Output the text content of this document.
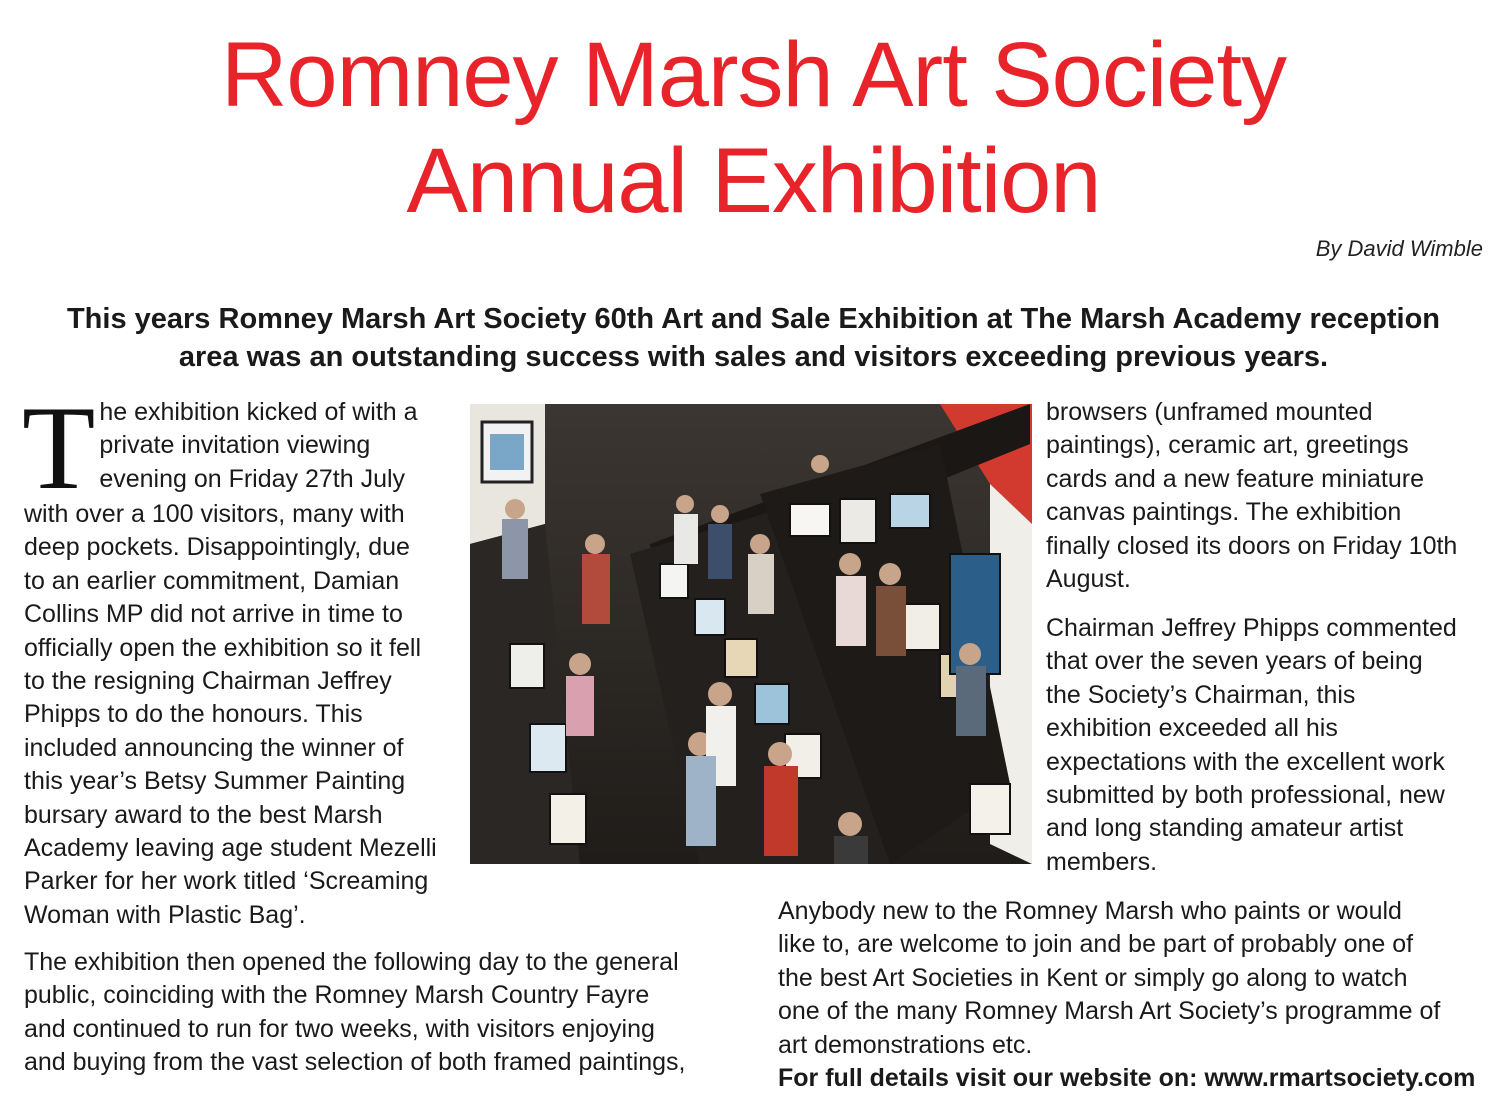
Romney Marsh Art Society
Annual Exhibition
By David Wimble

This years Romney Marsh Art Society 60th Art and Sale Exhibition at The Marsh Academy reception
area was an outstanding success with sales and visitors exceeding previous years.

T he exhibition kicked of with a
private invitation viewing
evening on Friday 27th July
with over a 100 visitors, many with
deep pockets. Disappointingly, due
to an earlier commitment, Damian
Collins MP did not arrive in time to
officially open the exhibition so it fell
to the resigning Chairman Jeffrey
Phipps to do the honours. This
included announcing the winner of
this year’s Betsy Summer Painting
bursary award to the best Marsh
Academy leaving age student Mezelli
Parker for her work titled ‘Screaming
Woman with Plastic Bag’.
browsers (unframed mounted
paintings), ceramic art, greetings
cards and a new feature miniature
canvas paintings. The exhibition
finally closed its doors on Friday 10th
August.
Chairman Jeffrey Phipps commented
that over the seven years of being
the Society’s Chairman, this
exhibition exceeded all his
expectations with the excellent work
submitted by both professional, new
and long standing amateur artist
members.
The exhibition then opened the following day to the general
public, coinciding with the Romney Marsh Country Fayre
and continued to run for two weeks, with visitors enjoying
and buying from the vast selection of both framed paintings,
Anybody new to the Romney Marsh who paints or would
like to, are welcome to join and be part of probably one of
the best Art Societies in Kent or simply go along to watch
one of the many Romney Marsh Art Society’s programme of
art demonstrations etc.
For full details visit our website on: www.rmartsociety.com
